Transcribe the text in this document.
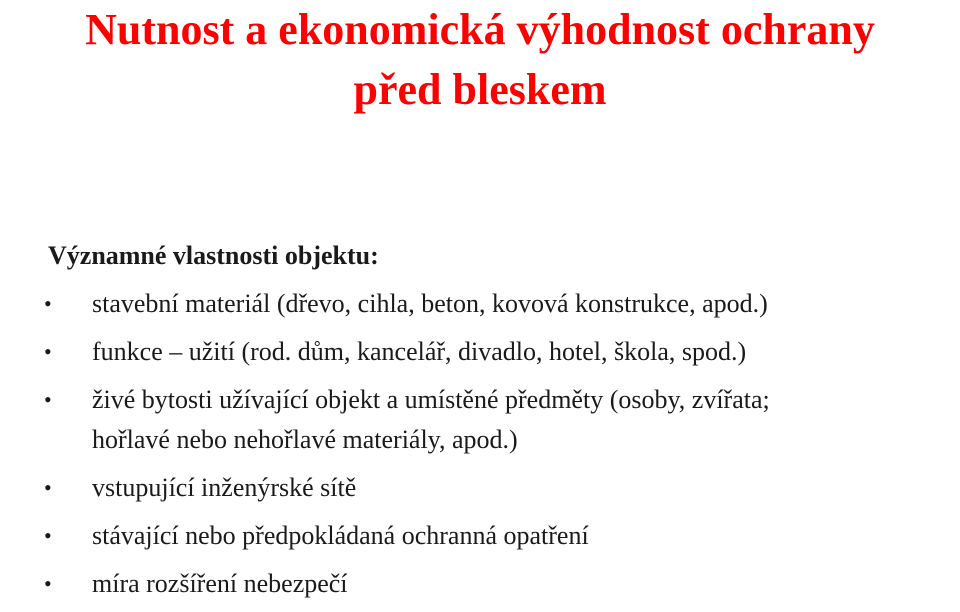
Nutnost a ekonomická výhodnost ochrany
před bleskem
Významné vlastnosti objektu:
• stavební materiál (dřevo, cihla, beton, kovová konstrukce, apod.)
• funkce – užití (rod. dům, kancelář, divadlo, hotel, škola, spod.)
• živé bytosti užívající objekt a umístěné předměty (osoby, zvířata;
hořlavé nebo nehořlavé materiály, apod.)
• vstupující inženýrské sítě
• stávající nebo předpokládaná ochranná opatření
• míra rozšíření nebezpečí
